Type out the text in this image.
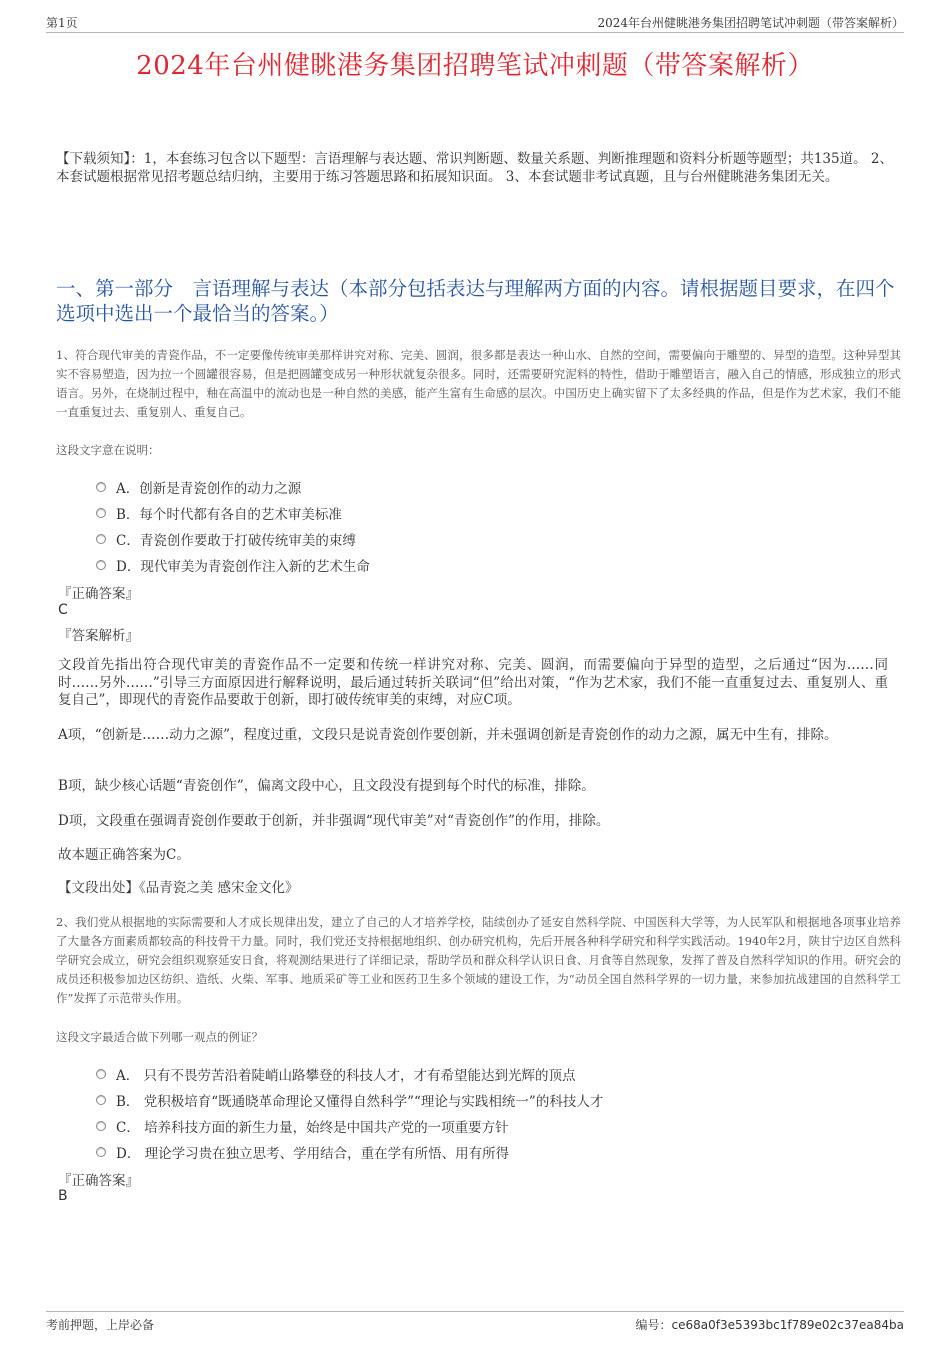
第1页	2024年台州健眺港务集团招聘笔试冲刺题（带答案解析）
2024年台州健眺港务集团招聘笔试冲刺题（带答案解析）
【下载须知】：1，本套练习包含以下题型：言语理解与表达题、常识判断题、数量关系题、判断推理题和资料分析题等题型；共135道。 2、本套试题根据常见招考题总结归纳，主要用于练习答题思路和拓展知识面。 3、本套试题非考试真题，且与台州健眺港务集团无关。
一、第一部分　言语理解与表达（本部分包括表达与理解两方面的内容。请根据题目要求，在四个选项中选出一个最恰当的答案。）
1、符合现代审美的青瓷作品，不一定要像传统审美那样讲究对称、完美、圆润，很多都是表达一种山水、自然的空间，需要偏向于雕塑的、异型的造型。这种异型其实不容易塑造，因为拉一个圆罐很容易，但是把圆罐变成另一种形状就复杂很多。同时，还需要研究泥料的特性，借助于雕塑语言，融入自己的情感，形成独立的形式语言。另外，在烧制过程中，釉在高温中的流动也是一种自然的美感，能产生富有生命感的层次。中国历史上确实留下了太多经典的作品，但是作为艺术家，我们不能一直重复过去、重复别人、重复自己。
这段文字意在说明：
A．创新是青瓷创作的动力之源
B．每个时代都有各自的艺术审美标准
C．青瓷创作要敢于打破传统审美的束缚
D．现代审美为青瓷创作注入新的艺术生命
『正确答案』
C
『答案解析』
文段首先指出符合现代审美的青瓷作品不一定要和传统一样讲究对称、完美、圆润，而需要偏向于异型的造型，之后通过“因为……同时……另外……”引导三方面原因进行解释说明，最后通过转折关联词“但”给出对策，“作为艺术家，我们不能一直重复过去、重复别人、重复自己”，即现代的青瓷作品要敢于创新，即打破传统审美的束缚，对应C项。
A项，“创新是……动力之源”，程度过重，文段只是说青瓷创作要创新，并未强调创新是青瓷创作的动力之源，属无中生有，排除。
B项，缺少核心话题“青瓷创作”，偏离文段中心，且文段没有提到每个时代的标准，排除。
D项，文段重在强调青瓷创作要敢于创新，并非强调“现代审美”对“青瓷创作”的作用，排除。
故本题正确答案为C。
【文段出处】《品青瓷之美 感宋金文化》
2、我们党从根据地的实际需要和人才成长规律出发，建立了自己的人才培养学校，陆续创办了延安自然科学院、中国医科大学等，为人民军队和根据地各项事业培养了大量各方面素质都较高的科技骨干力量。同时，我们党还支持根据地组织、创办研究机构，先后开展各种科学研究和科学实践活动。1940年2月，陕甘宁边区自然科学研究会成立，研究会组织观察延安日食，将观测结果进行了详细记录，帮助学员和群众科学认识日食、月食等自然现象，发挥了普及自然科学知识的作用。研究会的成员还积极参加边区纺织、造纸、火柴、军事、地质采矿等工业和医药卫生多个领域的建设工作，为“动员全国自然科学界的一切力量，来参加抗战建国的自然科学工作”发挥了示范带头作用。
这段文字最适合做下列哪一观点的例证？
A． 只有不畏劳苦沿着陡峭山路攀登的科技人才，才有希望能达到光辉的顶点
B． 党积极培育“既通晓革命理论又懂得自然科学”“理论与实践相统一”的科技人才
C． 培养科技方面的新生力量，始终是中国共产党的一项重要方针
D． 理论学习贵在独立思考、学用结合，重在学有所悟、用有所得
『正确答案』
B
考前押题，上岸必备	编号：ce68a0f3e5393bc1f789e02c37ea84ba
